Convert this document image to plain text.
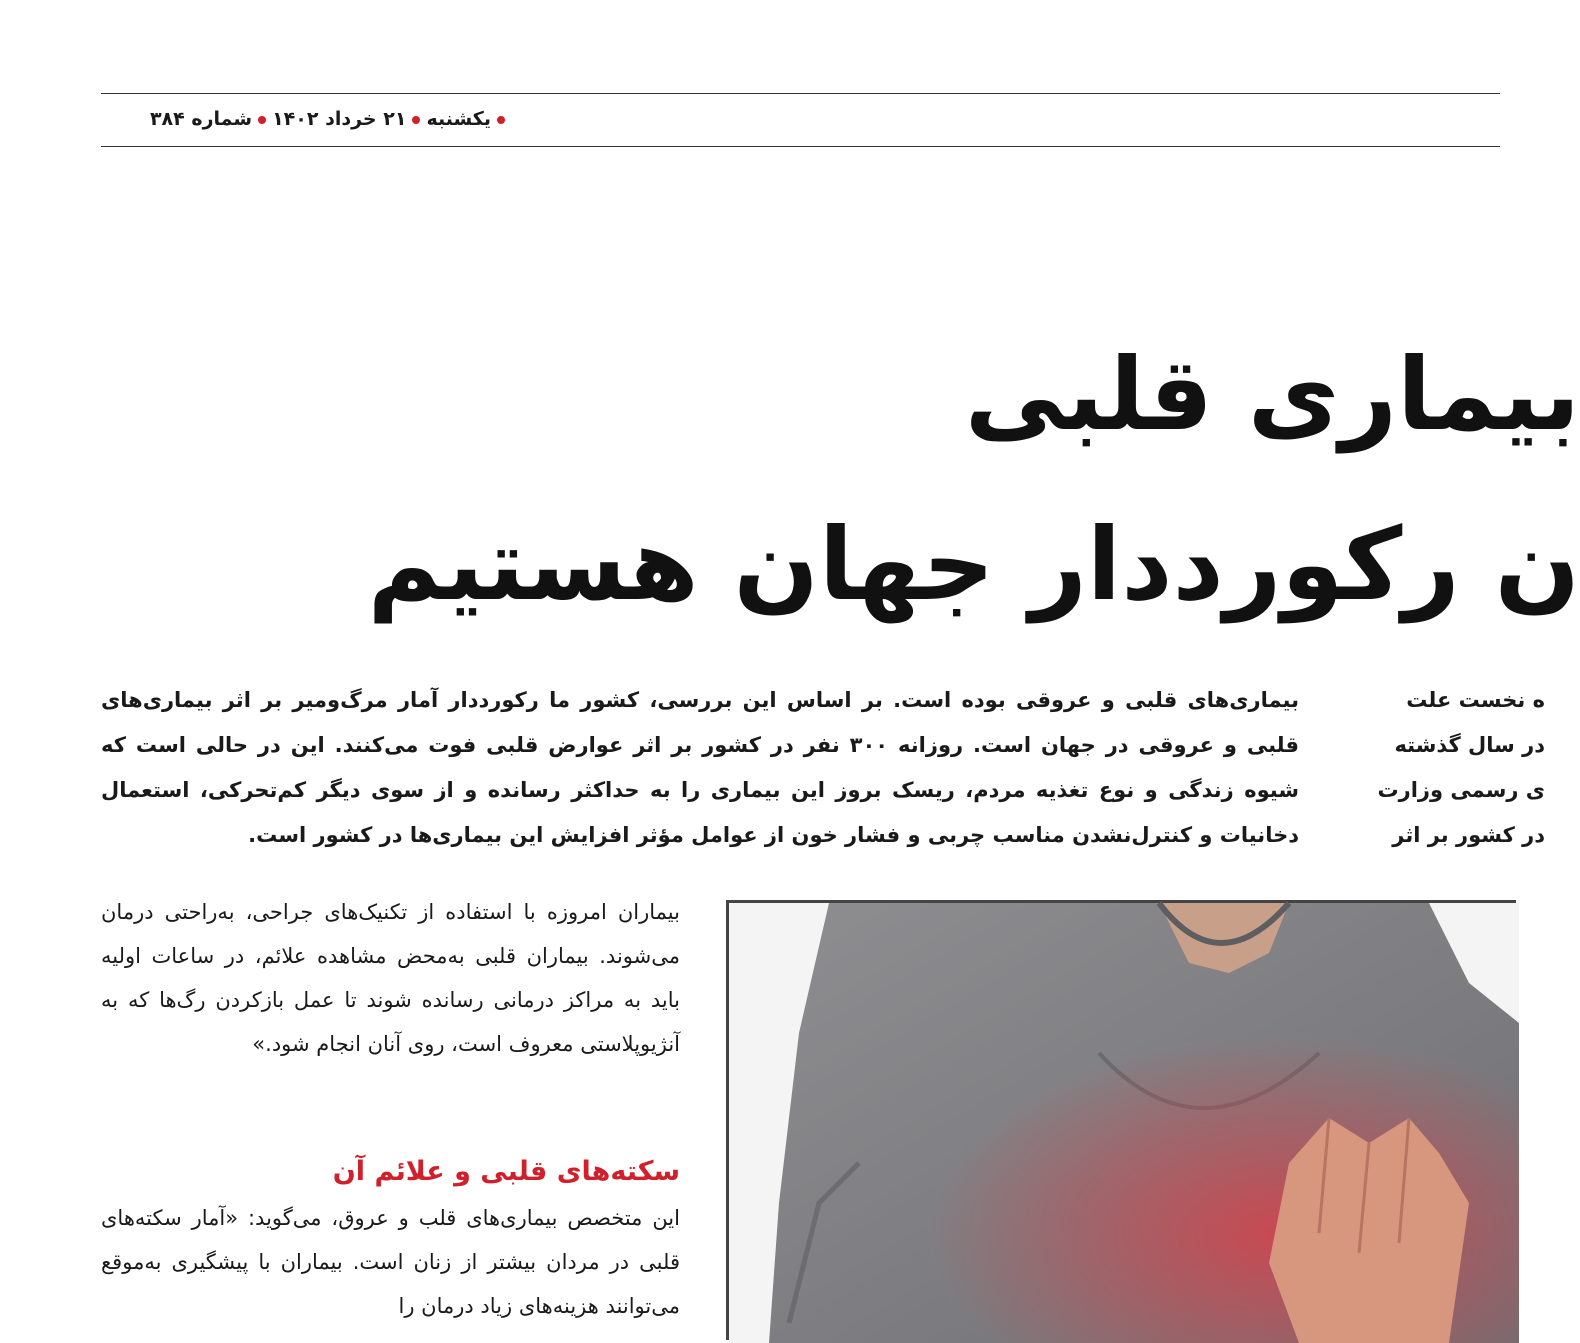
یکشنبه۲۱ خرداد ۱۴۰۲شماره ۳۸۴
بیماری قلبی
ن رکورددار جهان هستیم
بیماری‌های قلبی و عروقی بوده است. بر اساس این بررسی، کشور ما رکورددار آمار مرگ‌ومیر بر اثر بیماری‌های قلبی و عروقی در جهان است. روزانه ۳۰۰ نفر در کشور بر اثر عوارض قلبی فوت می‌کنند. این در حالی است که شیوه زندگی و نوع تغذیه مردم، ریسک بروز این بیماری را به حداکثر رسانده و از سوی دیگر کم‌تحرکی، استعمال دخانیات و کنترل‌نشدن مناسب چربی و فشار خون از عوامل مؤثر افزایش این بیماری‌ها در کشور است.
ه نخست علت
در سال گذشته
ی رسمی وزارت
در کشور بر اثر
بیماران امروزه با استفاده از تکنیک‌های جراحی، به‌راحتی درمان می‌شوند. بیماران قلبی به‌محض مشاهده علائم، در ساعات اولیه باید به مراکز درمانی رسانده شوند تا عمل بازکردن رگ‌ها که به آنژیوپلاستی معروف است، روی آنان انجام شود.»
سکته‌های قلبی و علائم آن
این متخصص بیماری‌های قلب و عروق، می‌گوید: «آمار سکته‌های قلبی در مردان بیشتر از زنان است. بیماران با پیشگیری به‌موقع می‌توانند هزینه‌های زیاد درمان را
